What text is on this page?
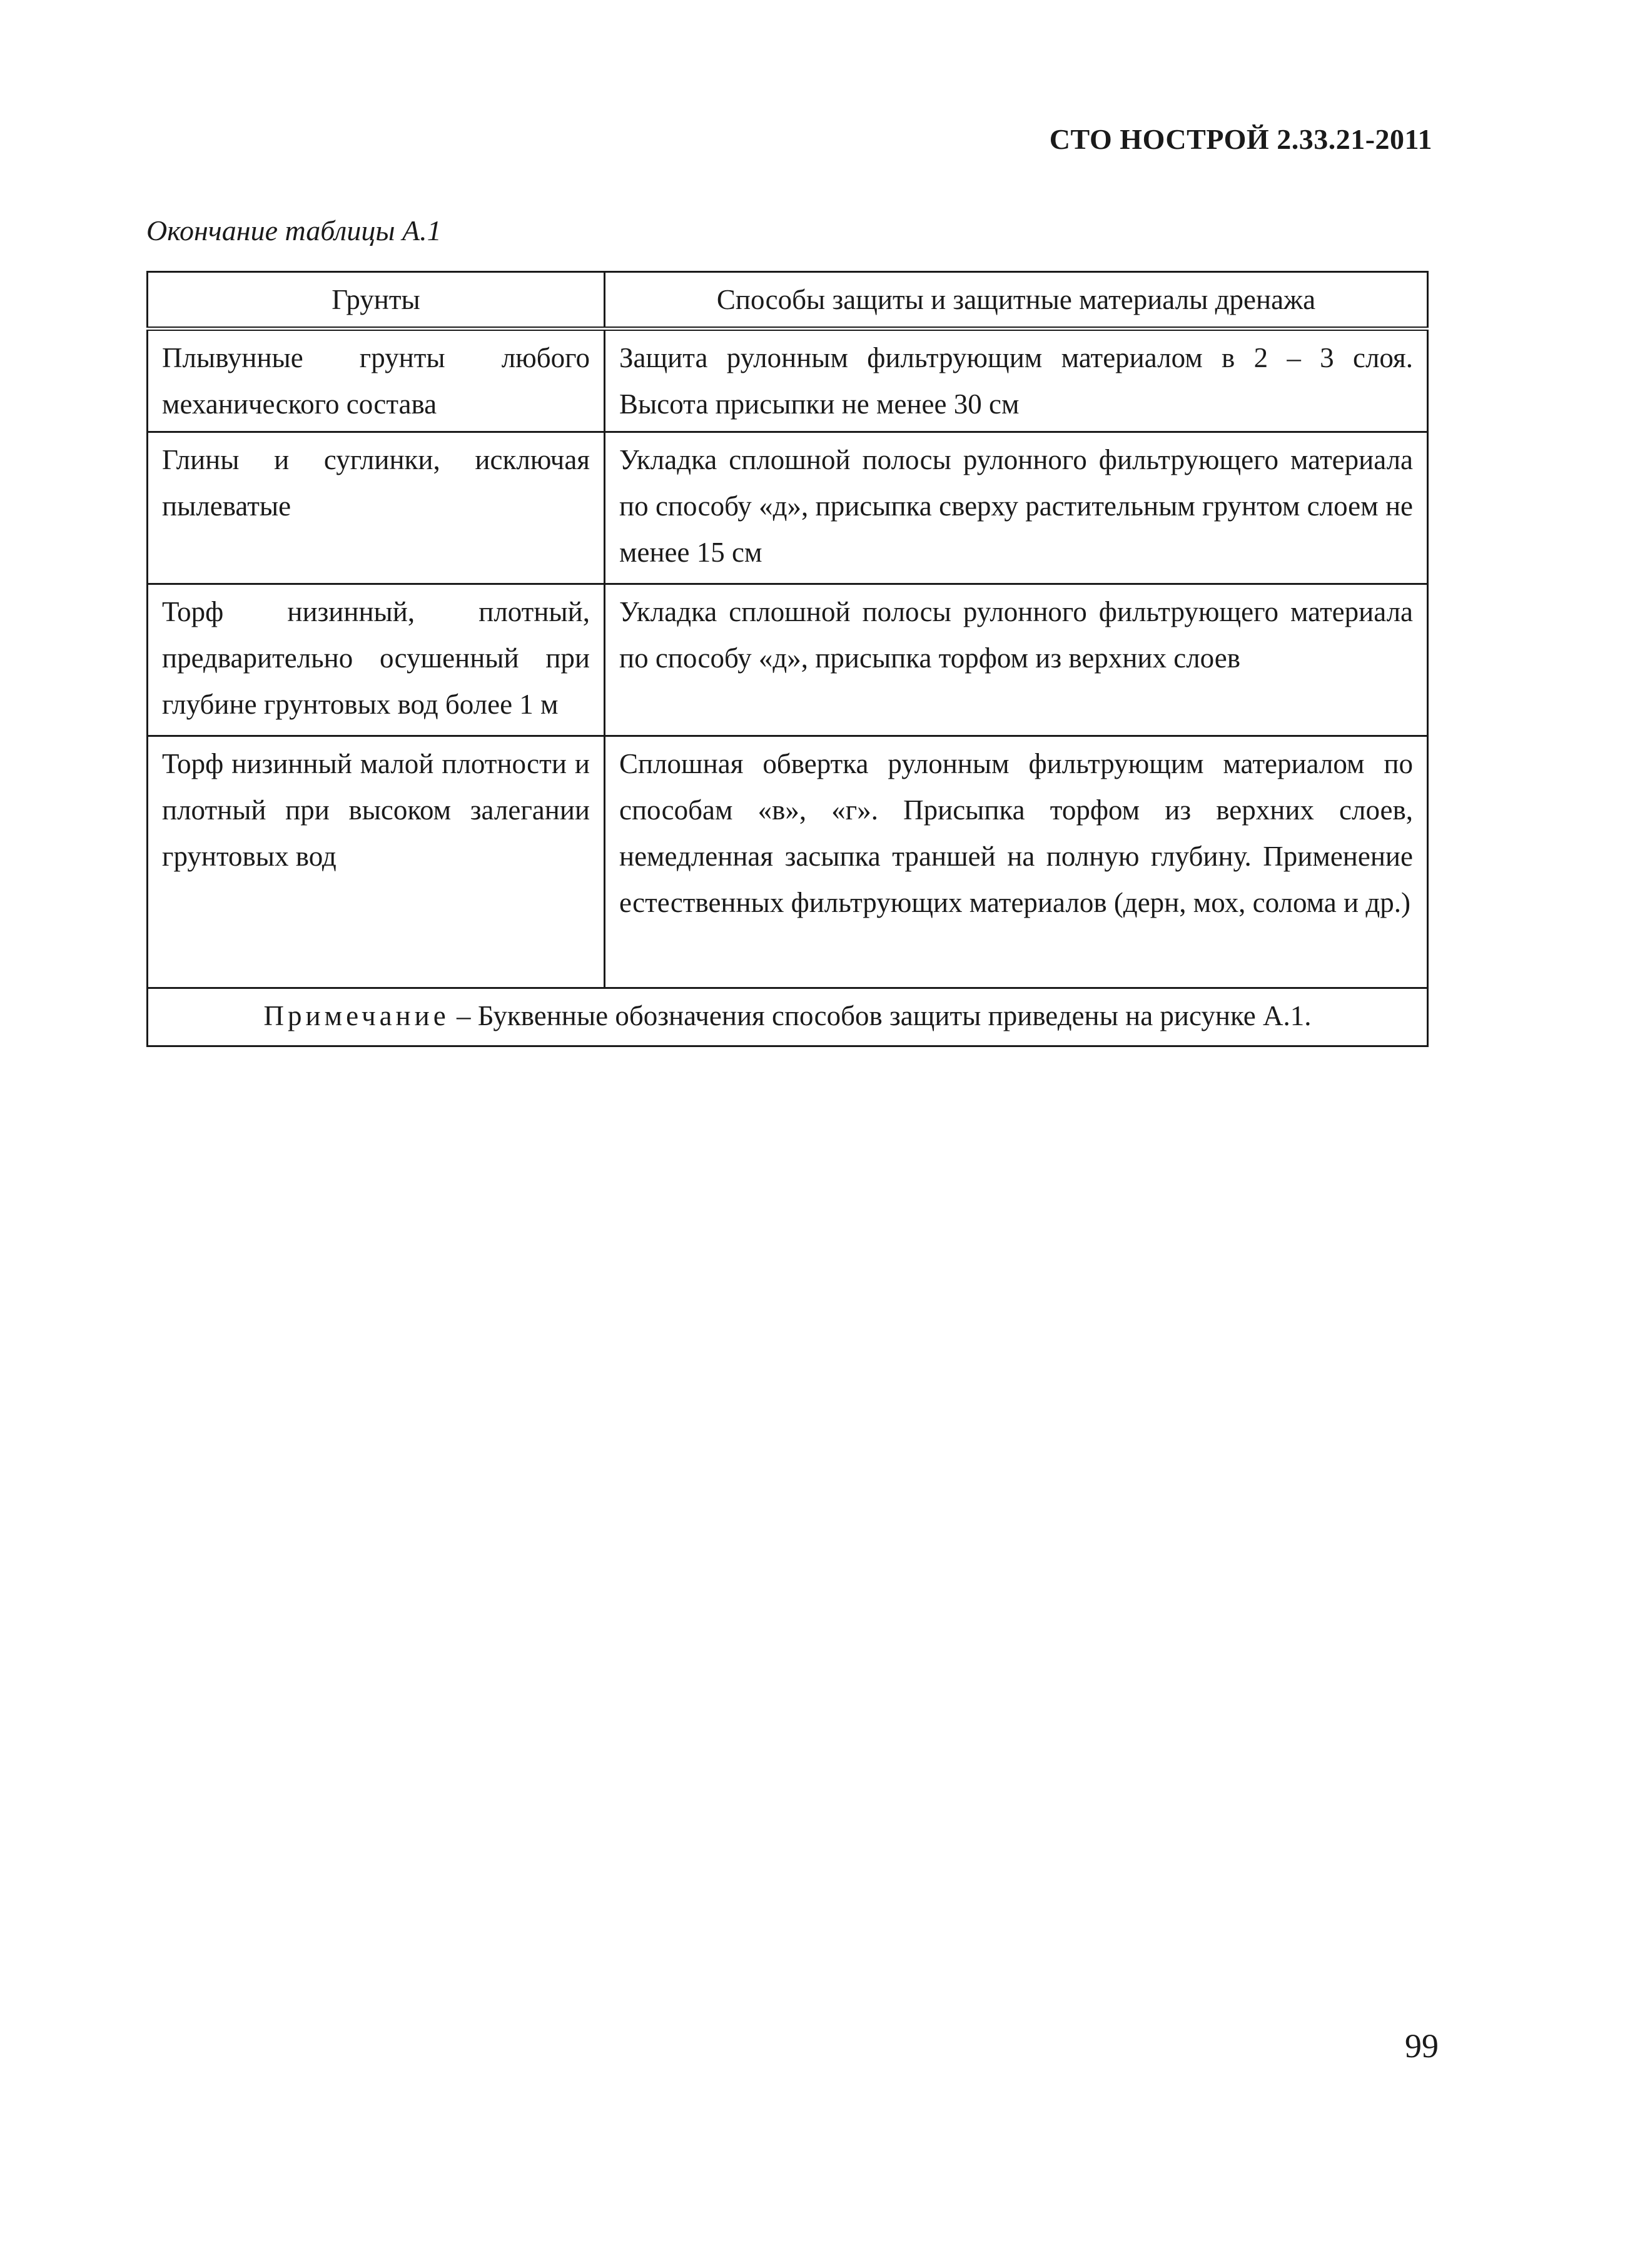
СТО НОСТРОЙ 2.33.21-2011
Окончание таблицы А.1
Грунты	Способы защиты и защитные материалы дренажа
Плывунные грунты любого механического состава	Защита рулонным фильтрующим материалом в 2 – 3 слоя. Высота присыпки не менее 30 см
Глины и суглинки, исключая пылеватые	Укладка сплошной полосы рулонного фильтрующего материала по способу «д», присыпка сверху растительным грунтом слоем не менее 15 см
Торф низинный, плотный, предварительно осушенный при глубине грунтовых вод более 1 м	Укладка сплошной полосы рулонного фильтрующего материала по способу «д», присыпка торфом из верхних слоев
Торф низинный малой плотности и плотный при высоком залегании грунтовых вод	Сплошная обвертка рулонным фильтрующим материалом по способам «в», «г». Присыпка торфом из верхних слоев, немедленная засыпка траншей на полную глубину. Применение естественных фильтрующих материалов (дерн, мох, солома и др.)
Примечание – Буквенные обозначения способов защиты приведены на рисунке А.1.	
99
